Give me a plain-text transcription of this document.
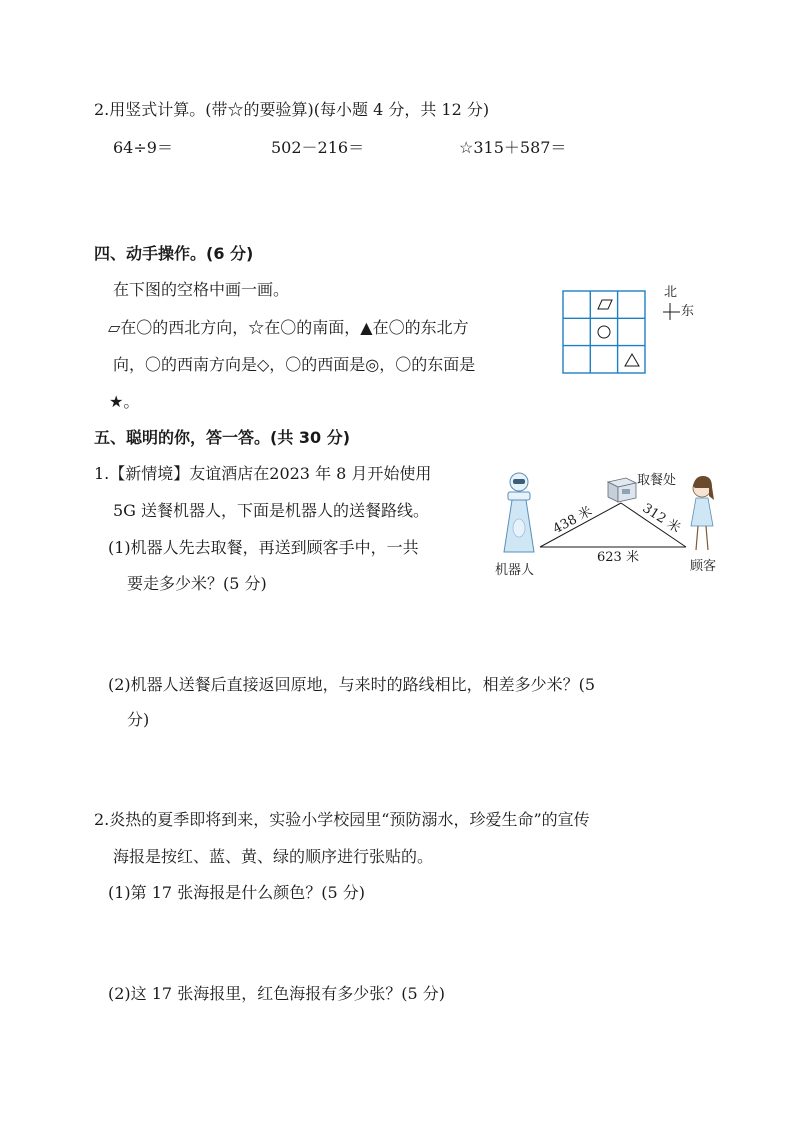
2.用竖式计算。(带☆的要验算)(每小题 4 分，共 12 分)
64÷9＝	502－216＝	☆315＋587＝
四、动手操作。(6 分)
在下图的空格中画一画。
▱在〇的西北方向，☆在〇的南面，▲在〇的东北方
向，〇的西南方向是◇，〇的西面是◎，〇的东面是
★。
北
东
五、聪明的你，答一答。(共 30 分)
1.【新情境】友谊酒店在2023 年 8 月开始使用
5G 送餐机器人，下面是机器人的送餐路线。
(1)机器人先去取餐，再送到顾客手中，一共
要走多少米？(5 分)
机器人
取餐处
顾客
438 米	312 米
623 米
(2)机器人送餐后直接返回原地，与来时的路线相比，相差多少米？(5
分)
2.炎热的夏季即将到来，实验小学校园里“预防溺水，珍爱生命”的宣传
海报是按红、蓝、黄、绿的顺序进行张贴的。
(1)第 17 张海报是什么颜色？(5 分)
(2)这 17 张海报里，红色海报有多少张？(5 分)
